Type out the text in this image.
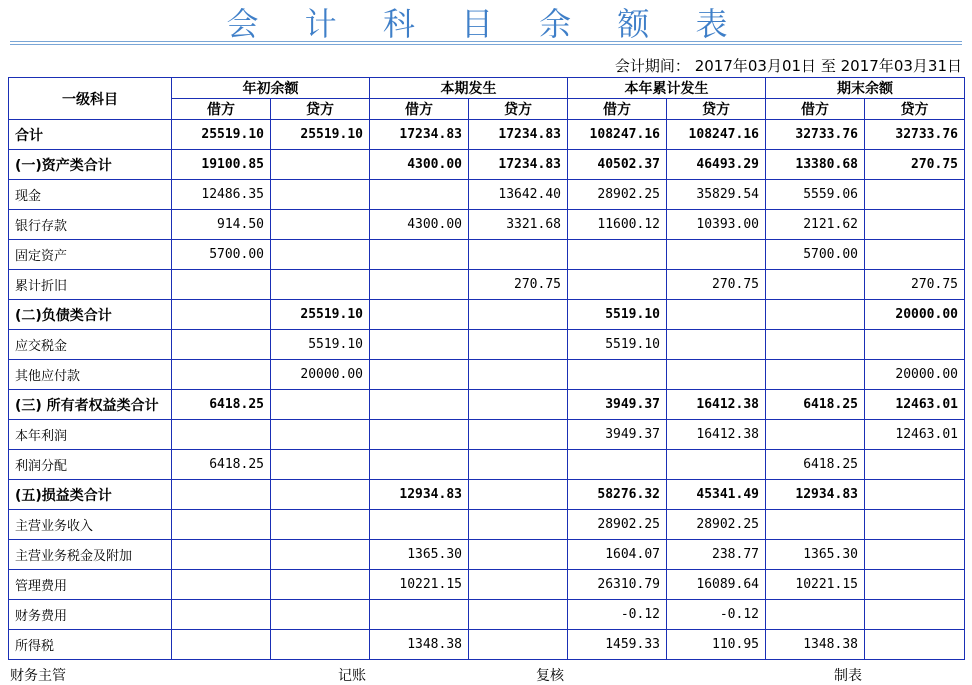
会 计 科 目 余 额 表
会计期间： 2017年03月01日 至 2017年03月31日
一级科目	年初余额		本期发生		本年累计发生		期末余额	
	借方	贷方	借方	贷方	借方	贷方	借方	贷方
合计	25519.10	25519.10	17234.83	17234.83	108247.16	108247.16	32733.76	32733.76
(一)资产类合计	19100.85		4300.00	17234.83	40502.37	46493.29	13380.68	270.75
现金	12486.35			13642.40	28902.25	35829.54	5559.06	
银行存款	914.50		4300.00	3321.68	11600.12	10393.00	2121.62	
固定资产	5700.00						5700.00	
累计折旧				270.75		270.75		270.75
(二)负债类合计		25519.10			5519.10			20000.00
应交税金		5519.10			5519.10			
其他应付款		20000.00						20000.00
(三) 所有者权益类合计	6418.25				3949.37	16412.38	6418.25	12463.01
本年利润					3949.37	16412.38		12463.01
利润分配	6418.25						6418.25	
(五)损益类合计			12934.83		58276.32	45341.49	12934.83	
主营业务收入					28902.25	28902.25		
主营业务税金及附加			1365.30		1604.07	238.77	1365.30	
管理费用			10221.15		26310.79	16089.64	10221.15	
财务费用					-0.12	-0.12		
所得税			1348.38		1459.33	110.95	1348.38	
财务主管	记账	复核	制表
